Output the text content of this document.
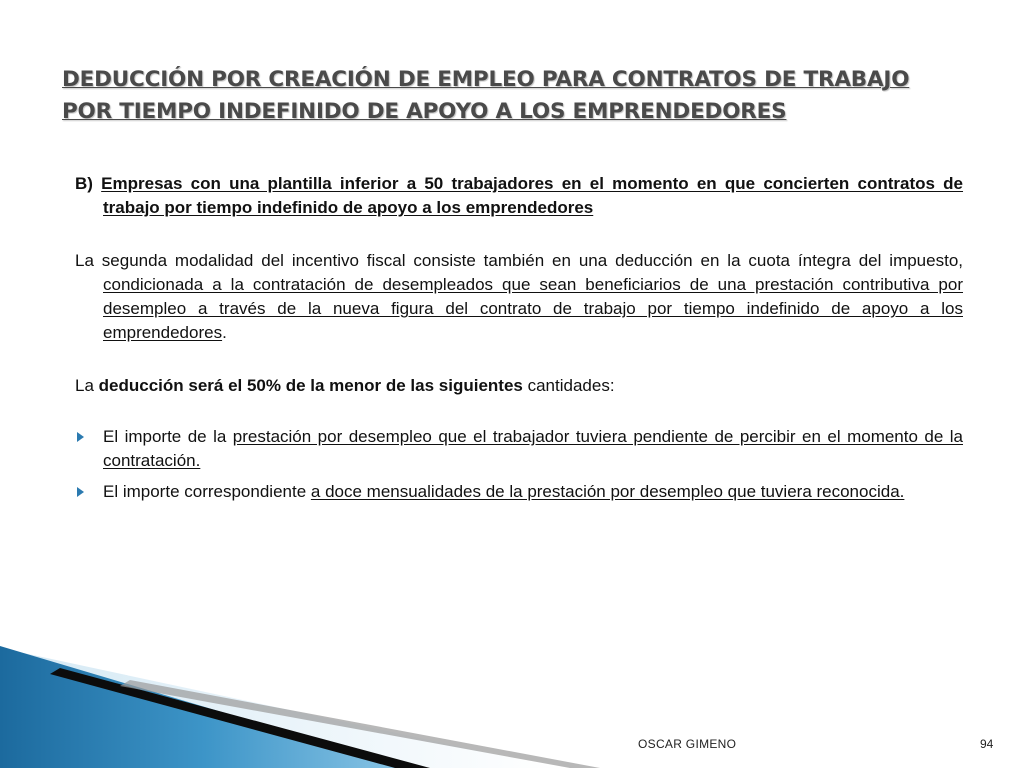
DEDUCCIÓN POR CREACIÓN DE EMPLEO PARA CONTRATOS DE TRABAJO POR TIEMPO INDEFINIDO DE APOYO A LOS EMPRENDEDORES

B) Empresas con una plantilla inferior a 50 trabajadores en el momento en que concierten contratos de trabajo por tiempo indefinido de apoyo a los emprendedores

La segunda modalidad del incentivo fiscal consiste también en una deducción en la cuota íntegra del impuesto, condicionada a la contratación de desempleados que sean beneficiarios de una prestación contributiva por desempleo a través de la nueva figura del contrato de trabajo por tiempo indefinido de apoyo a los emprendedores.

La deducción será el 50% de la menor de las siguientes cantidades:

El importe de la prestación por desempleo que el trabajador tuviera pendiente de percibir en el momento de la contratación.
El importe correspondiente a doce mensualidades de la prestación por desempleo que tuviera reconocida.
OSCAR GIMENO	94
